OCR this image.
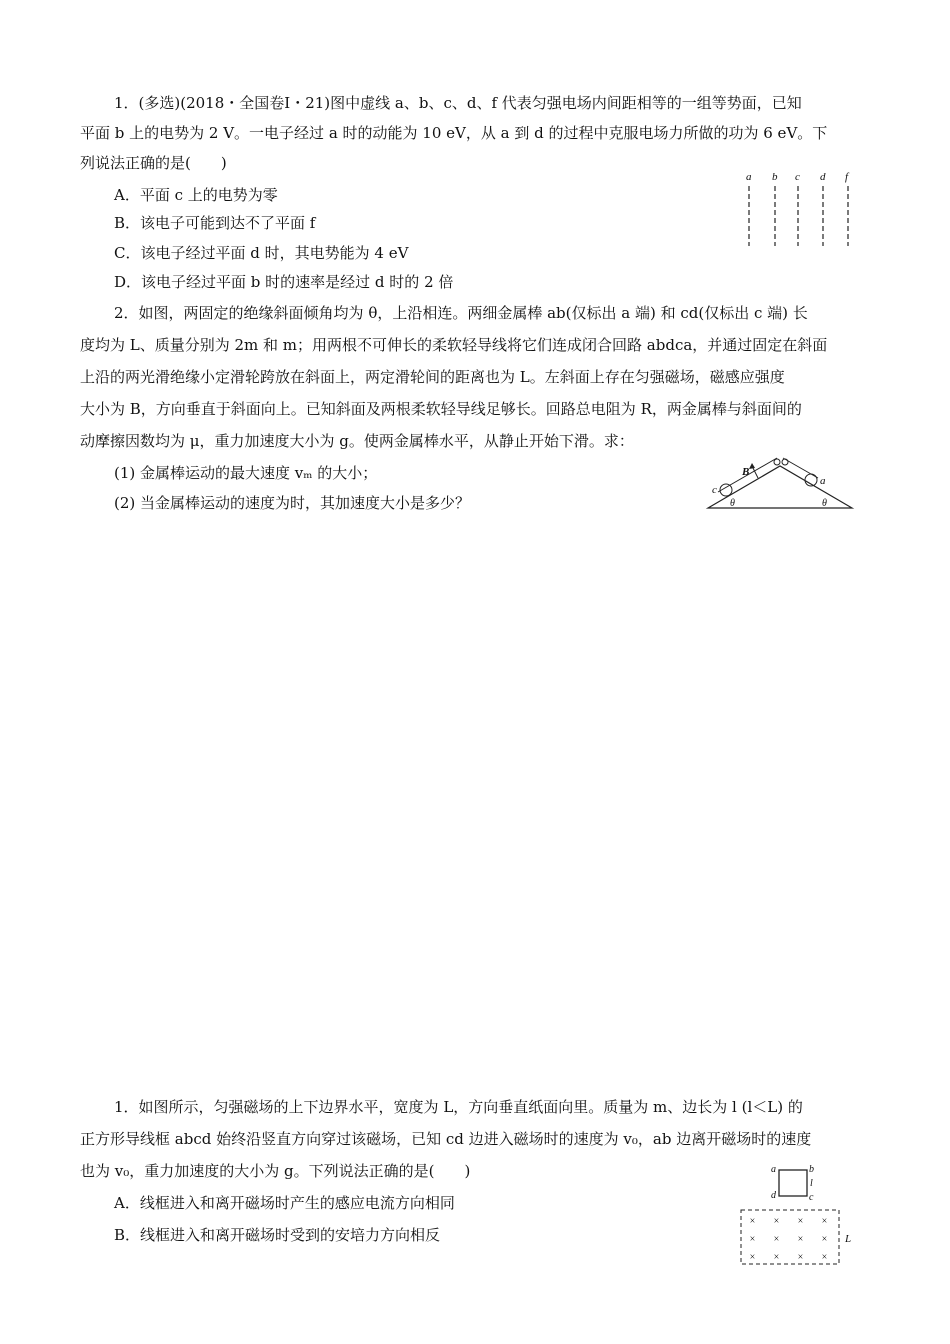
1．(多选)(2018・全国卷Ⅰ・21)图中虚线 a、b、c、d、f 代表匀强电场内间距相等的一组等势面，已知
平面 b 上的电势为 2 V。一电子经过 a 时的动能为 10 eV，从 a 到 d 的过程中克服电场力所做的功为 6 eV。下
列说法正确的是(　　)
A．平面 c 上的电势为零
B．该电子可能到达不了平面 f
C．该电子经过平面 d 时，其电势能为 4 eV
D．该电子经过平面 b 时的速率是经过 d 时的 2 倍
a b c d f
2．如图，两固定的绝缘斜面倾角均为 θ，上沿相连。两细金属棒 ab(仅标出 a 端) 和 cd(仅标出 c 端) 长
度均为 L、质量分别为 2m 和 m；用两根不可伸长的柔软轻导线将它们连成闭合回路 abdca，并通过固定在斜面
上沿的两光滑绝缘小定滑轮跨放在斜面上，两定滑轮间的距离也为 L。左斜面上存在匀强磁场，磁感应强度
大小为 B，方向垂直于斜面向上。已知斜面及两根柔软轻导线足够长。回路总电阻为 R，两金属棒与斜面间的
动摩擦因数均为 μ，重力加速度大小为 g。使两金属棒水平，从静止开始下滑。求：
(1) 金属棒运动的最大速度 vₘ 的大小；
(2) 当金属棒运动的速度为时，其加速度大小是多少？
B
c
a
θ	θ
1．如图所示，匀强磁场的上下边界水平，宽度为 L，方向垂直纸面向里。质量为 m、边长为 l (l＜L) 的
正方形导线框 abcd 始终沿竖直方向穿过该磁场，已知 cd 边进入磁场时的速度为 v₀，ab 边离开磁场时的速度
也为 v₀，重力加速度的大小为 g。下列说法正确的是(　　)
A．线框进入和离开磁场时产生的感应电流方向相同
B．线框进入和离开磁场时受到的安培力方向相反
a	b
l
d	c
L
× × × ×
× × × ×
× × × ×
